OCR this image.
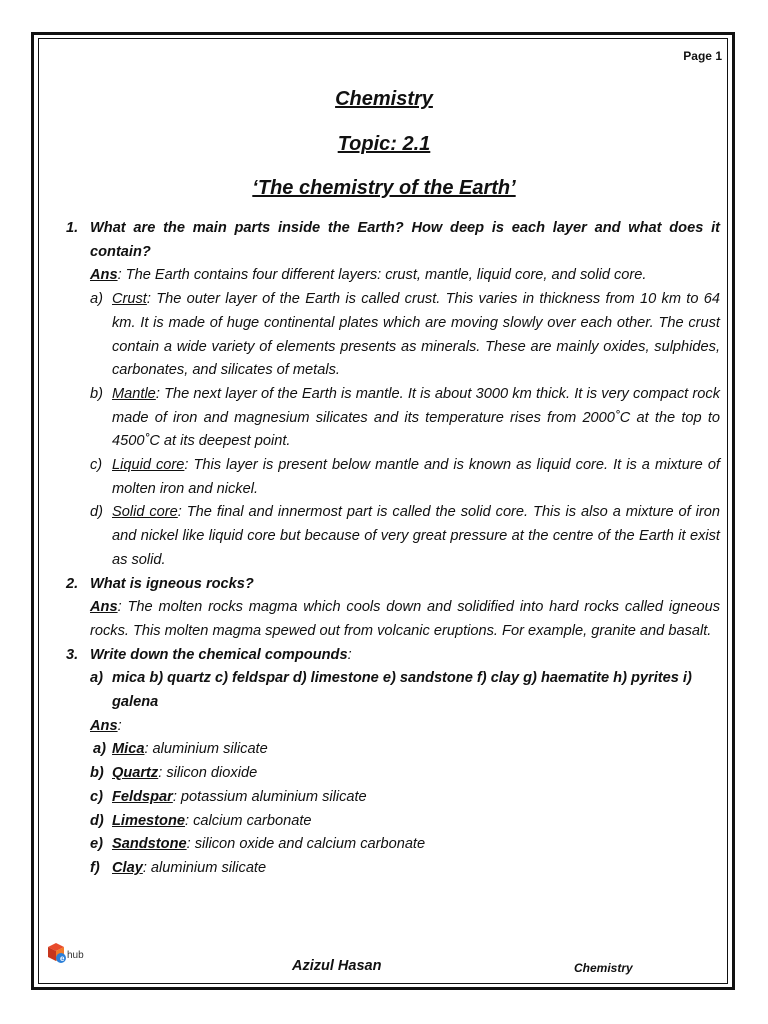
Page 1
Chemistry
Topic: 2.1
‘The chemistry of the Earth’
1. What are the main parts inside the Earth? How deep is each layer and what does it contain?
Ans: The Earth contains four different layers: crust, mantle, liquid core, and solid core.
a) Crust: The outer layer of the Earth is called crust. This varies in thickness from 10 km to 64 km. It is made of huge continental plates which are moving slowly over each other. The crust contain a wide variety of elements presents as minerals. These are mainly oxides, sulphides, carbonates, and silicates of metals.
b) Mantle: The next layer of the Earth is mantle. It is about 3000 km thick. It is very compact rock made of iron and magnesium silicates and its temperature rises from 2000˚C at the top to 4500˚C at its deepest point.
c) Liquid core: This layer is present below mantle and is known as liquid core. It is a mixture of molten iron and nickel.
d) Solid core: The final and innermost part is called the solid core. This is also a mixture of iron and nickel like liquid core but because of very great pressure at the centre of the Earth it exist as solid.
2. What is igneous rocks?
Ans: The molten rocks magma which cools down and solidified into hard rocks called igneous rocks. This molten magma spewed out from volcanic eruptions. For example, granite and basalt.
3. Write down the chemical compounds:
a) mica b) quartz c) feldspar d) limestone e) sandstone f) clay g) haematite h) pyrites i) galena
Ans:
a) Mica: aluminium silicate
b) Quartz: silicon dioxide
c) Feldspar: potassium aluminium silicate
d) Limestone: calcium carbonate
e) Sandstone: silicon oxide and calcium carbonate
f) Clay: aluminium silicate
e hub
Azizul Hasan	Chemistry
